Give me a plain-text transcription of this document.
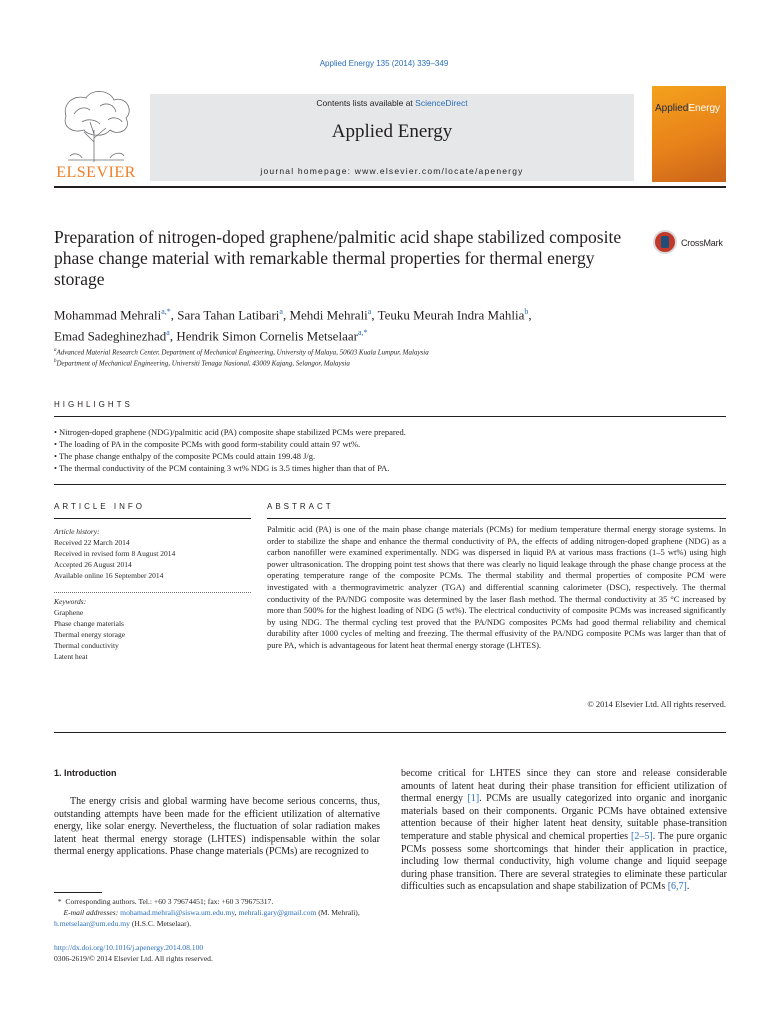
Applied Energy 135 (2014) 339–349
ELSEVIER
Contents lists available at ScienceDirect
Applied Energy
journal homepage: www.elsevier.com/locate/apenergy
AppliedEnergy
Preparation of nitrogen-doped graphene/palmitic acid shape stabilized composite phase change material with remarkable thermal properties for thermal energy storage
CrossMark
Mohammad Mehrali$^{a,*}$, Sara Tahan Latibari$^a$, Mehdi Mehrali$^a$, Teuku Meurah Indra Mahlia$^b$,
Emad Sadeghinezhad$^a$, Hendrik Simon Cornelis Metselaar$^{a,*}$
$^a$Advanced Material Research Center, Department of Mechanical Engineering, University of Malaya, 50603 Kuala Lumpur, Malaysia
$^b$Department of Mechanical Engineering, Universiti Tenaga Nasional, 43009 Kajang, Selangor, Malaysia
HIGHLIGHTS
• Nitrogen-doped graphene (NDG)/palmitic acid (PA) composite shape stabilized PCMs were prepared.
• The loading of PA in the composite PCMs with good form-stability could attain 97 wt%.
• The phase change enthalpy of the composite PCMs could attain 199.48 J/g.
• The thermal conductivity of the PCM containing 3 wt% NDG is 3.5 times higher than that of PA.
ARTICLE INFO	ABSTRACT
Article history:
Received 22 March 2014
Received in revised form 8 August 2014
Accepted 26 August 2014
Available online 16 September 2014
Keywords:
Graphene
Phase change materials
Thermal energy storage
Thermal conductivity
Latent heat
Palmitic acid (PA) is one of the main phase change materials (PCMs) for medium temperature thermal energy storage systems. In order to stabilize the shape and enhance the thermal conductivity of PA, the effects of adding nitrogen-doped graphene (NDG) as a carbon nanofiller were examined experimentally. NDG was dispersed in liquid PA at various mass fractions (1–5 wt%) using high power ultrasonication. The dropping point test shows that there was clearly no liquid leakage through the phase change process at the operating temperature range of the composite PCMs. The thermal stability and thermal properties of composite PCM were investigated with a thermogravimetric analyzer (TGA) and differential scanning calorimeter (DSC), respectively. The thermal conductivity of the PA/NDG composite was determined by the laser flash method. The thermal conductivity at 35 °C increased by more than 500% for the highest loading of NDG (5 wt%). The electrical conductivity of composite PCMs was increased significantly by using NDG. The thermal cycling test proved that the PA/NDG composites PCMs had good thermal reliability and chemical durability after 1000 cycles of melting and freezing. The thermal effusivity of the PA/NDG composite PCMs was larger than that of pure PA, which is advantageous for latent heat thermal energy storage (LHTES).
© 2014 Elsevier Ltd. All rights reserved.
1. Introduction
The energy crisis and global warming have become serious concerns, thus, outstanding attempts have been made for the efficient utilization of alternative energy, like solar energy. Nevertheless, the fluctuation of solar radiation makes latent heat thermal energy storage (LHTES) indispensable within the solar thermal energy applications. Phase change materials (PCMs) are recognized to
*  Corresponding authors. Tel.: +60 3 79674451; fax: +60 3 79675317.
E-mail addresses: mohamad.mehrali@siswa.um.edu.my, mehrali.gary@gmail.com (M. Mehrali), h.metselaar@um.edu.my (H.S.C. Metselaar).
http://dx.doi.org/10.1016/j.apenergy.2014.08.100
0306-2619/© 2014 Elsevier Ltd. All rights reserved.
become critical for LHTES since they can store and release considerable amounts of latent heat during their phase transition for efficient utilization of thermal energy [1]. PCMs are usually categorized into organic and inorganic materials based on their components. Organic PCMs have obtained extensive attention because of their higher latent heat density, suitable phase-transition temperature and stable physical and chemical properties [2–5]. The pure organic PCMs possess some shortcomings that hinder their application in practice, including low thermal conductivity, high volume change and liquid seepage during phase transition. There are several strategies to eliminate these particular difficulties such as encapsulation and shape stabilization of PCMs [6,7].
